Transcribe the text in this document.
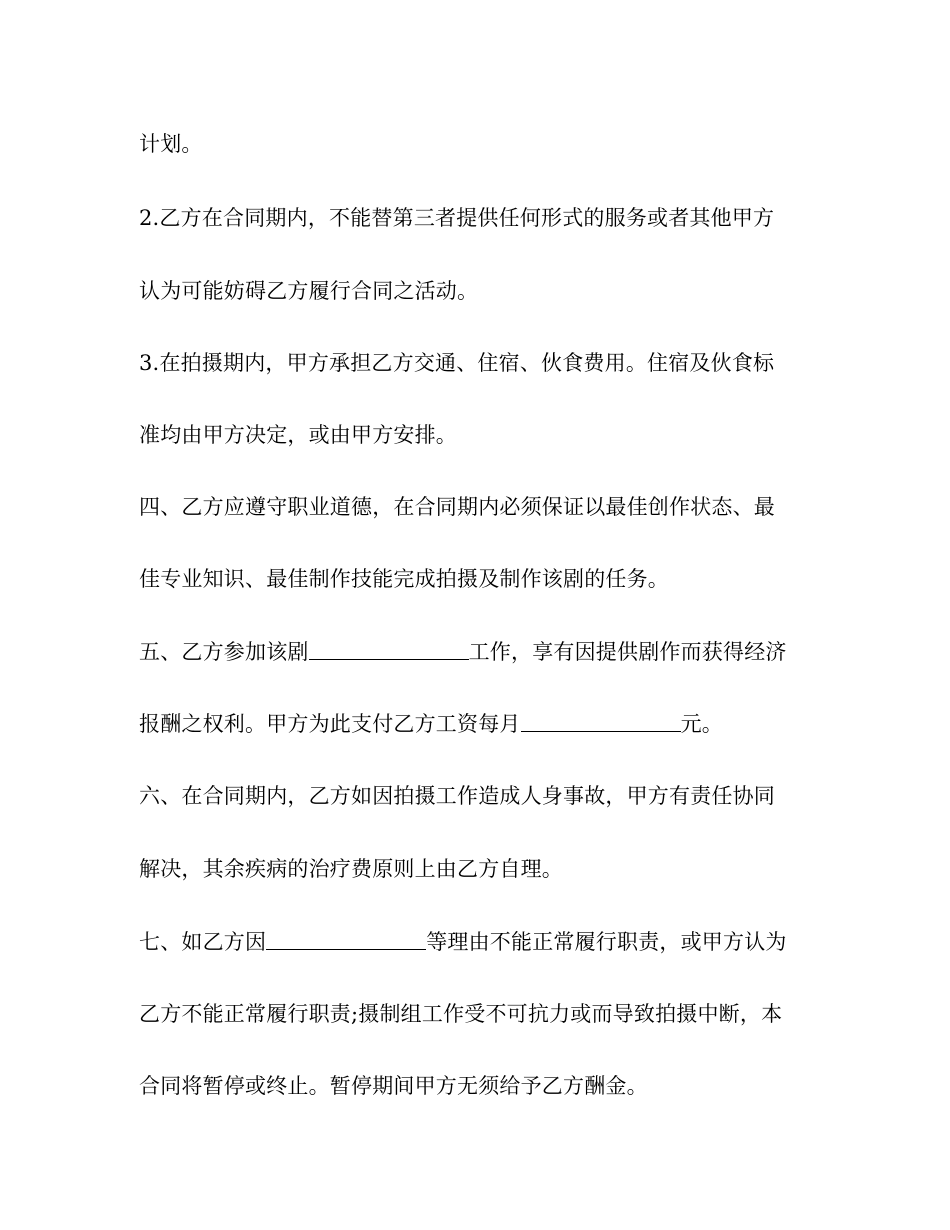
计划。
2.乙方在合同期内，不能替第三者提供任何形式的服务或者其他甲方
认为可能妨碍乙方履行合同之活动。
3.在拍摄期内，甲方承担乙方交通、住宿、伙食费用。住宿及伙食标
准均由甲方决定，或由甲方安排。
四、乙方应遵守职业道德，在合同期内必须保证以最佳创作状态、最
佳专业知识、最佳制作技能完成拍摄及制作该剧的任务。
五、乙方参加该剧	工作，享有因提供剧作而获得经济
报酬之权利。甲方为此支付乙方工资每月	元。
六、在合同期内，乙方如因拍摄工作造成人身事故，甲方有责任协同
解决，其余疾病的治疗费原则上由乙方自理。
七、如乙方因	等理由不能正常履行职责，或甲方认为
乙方不能正常履行职责;摄制组工作受不可抗力或而导致拍摄中断，本
合同将暂停或终止。暂停期间甲方无须给予乙方酬金。
